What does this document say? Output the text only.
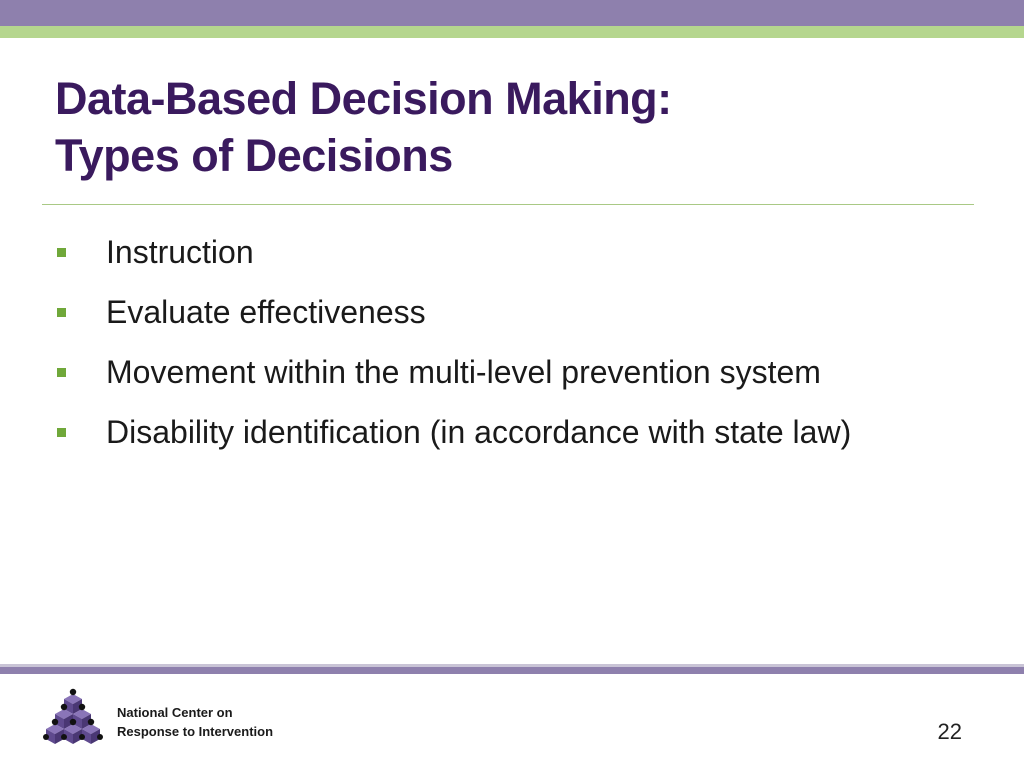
Data-Based Decision Making:
Types of Decisions
Instruction
Evaluate effectiveness
Movement within the multi-level prevention system
Disability identification (in accordance with state law)
National Center on
Response to Intervention	22
